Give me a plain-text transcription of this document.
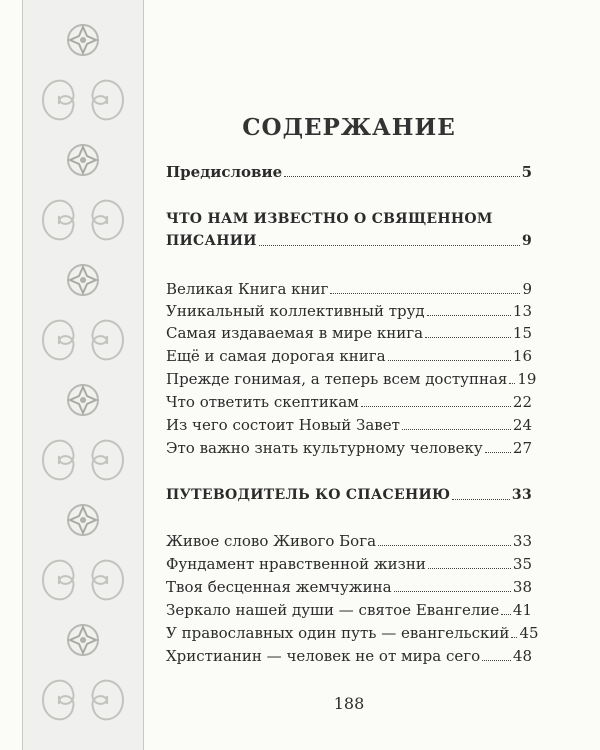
СОДЕРЖАНИЕ
Предисловие	5
ЧТО НАМ ИЗВЕСТНО О СВЯЩЕННОМ
ПИСАНИИ	9
Великая Книга книг	9
Уникальный коллективный труд	13
Самая издаваемая в мире книга	15
Ещё и самая дорогая книга	16
Прежде гонимая, а теперь всем доступная 19
Что ответить скептикам	22
Из чего состоит Новый Завет	24
Это важно знать культурному человеку 27
ПУТЕВОДИТЕЛЬ КО СПАСЕНИЮ	33
Живое слово Живого Бога	33
Фундамент нравственной жизни	35
Твоя бесценная жемчужина	38
Зеркало нашей души — святое Евангелие 41
У православных один путь — евангельский 45
Христианин — человек не от мира сего 48
188
